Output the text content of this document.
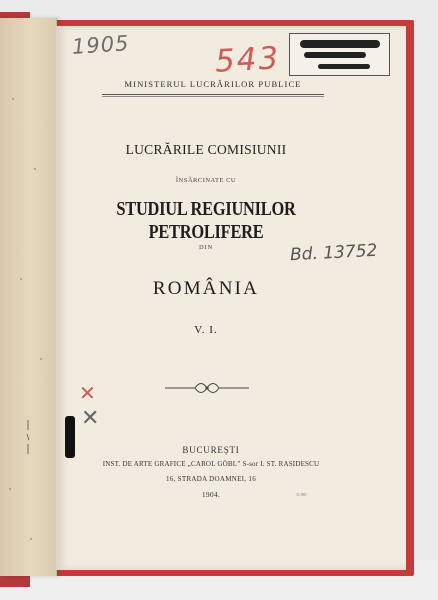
1905	543
MINISTERUL LUCRĂRILOR PUBLICE
LUCRĂRILE COMISIUNII
ÎNSĂRCINATE CU
STUDIUL REGIUNILOR PETROLIFERE
DIN	Bd. 13752
ROMÂNIA
V. I.
✕
✕
BUCUREȘTI
INST. DE ARTE GRAFICE „CAROL GÖBL” S-sor I. ST. RASIDESCU
16, STRADA DOAMNEI, 16
1904.	11.981
